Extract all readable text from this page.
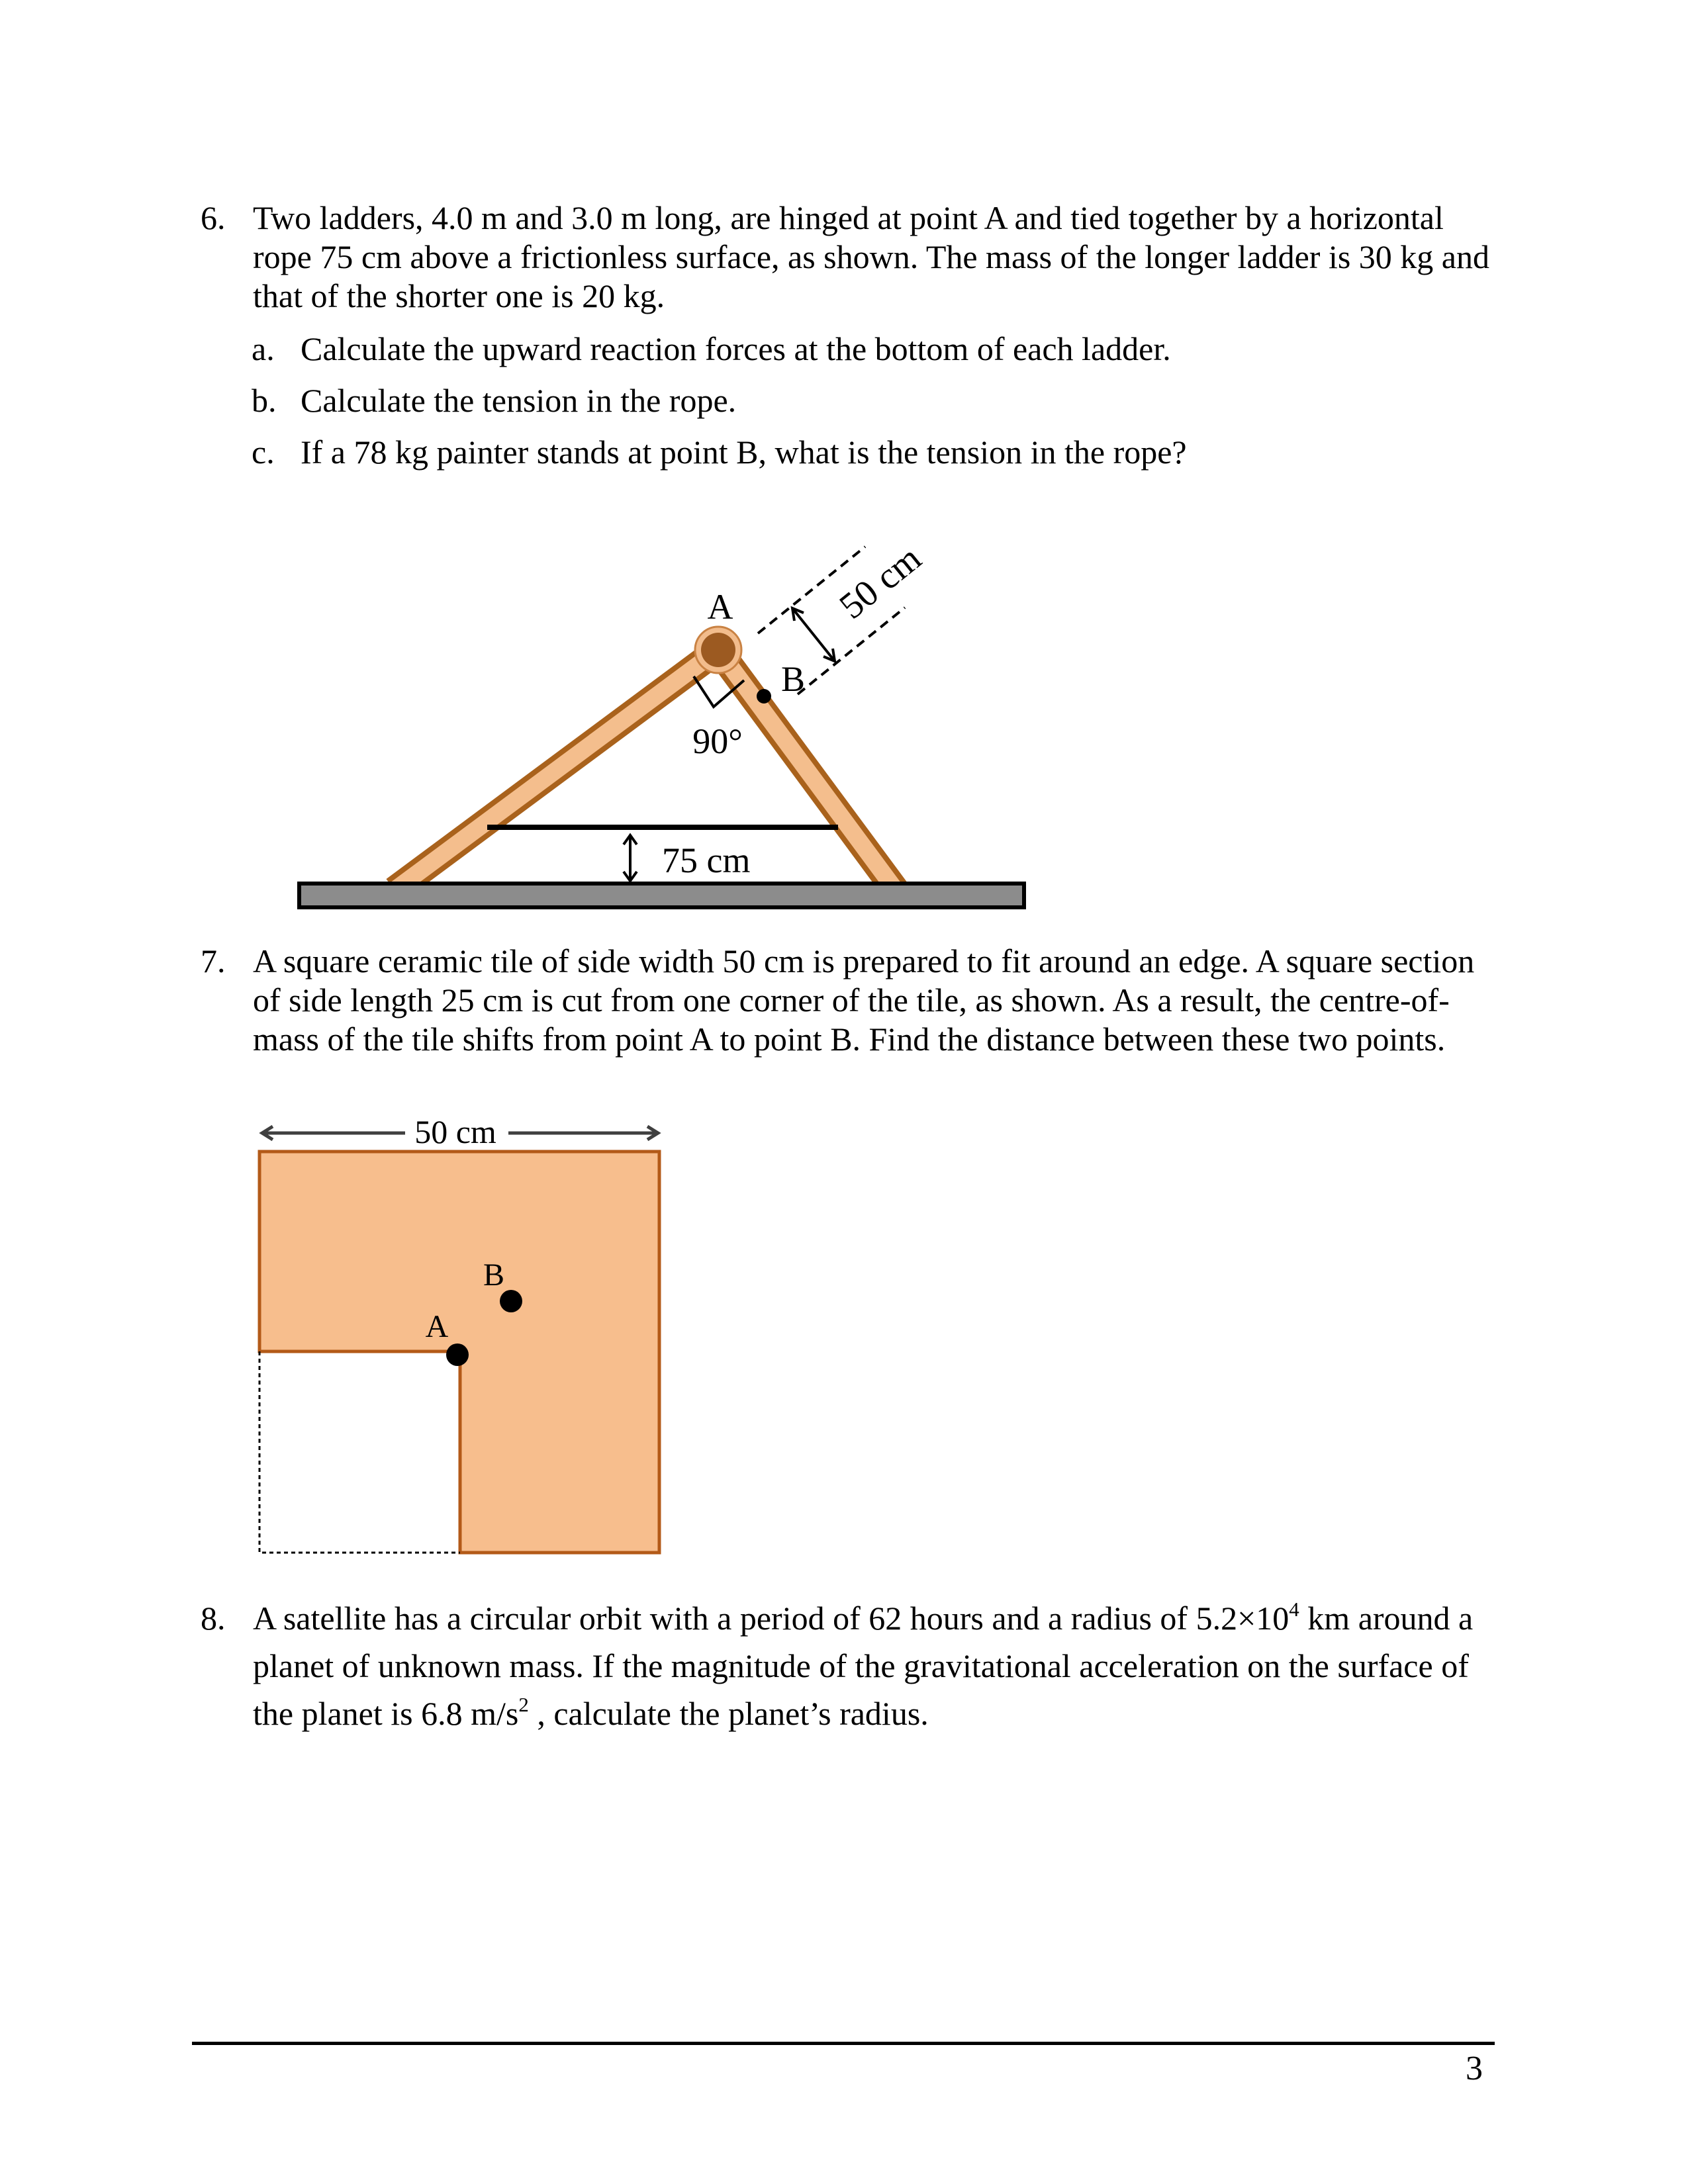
6. Two ladders, 4.0 m and 3.0 m long, are hinged at point A and tied together by a horizontal
rope 75 cm above a frictionless surface, as shown. The mass of the longer ladder is 30 kg and
that of the shorter one is 20 kg.
a. Calculate the upward reaction forces at the bottom of each ladder.
b. Calculate the tension in the rope.
c. If a 78 kg painter stands at point B, what is the tension in the rope?
50 cm
75 cm
90°
A
B
7. A square ceramic tile of side width 50 cm is prepared to fit around an edge. A square section
of side length 25 cm is cut from one corner of the tile, as shown. As a result, the centre-of-
mass of the tile shifts from point A to point B. Find the distance between these two points.
50 cm
A
B
8. A satellite has a circular orbit with a period of 62 hours and a radius of $5.2\times 10^4$ km around a
planet of unknown mass. If the magnitude of the gravitational acceleration on the surface of
the planet is 6.8 $m/s^2$ , calculate the planet’s radius.
3
